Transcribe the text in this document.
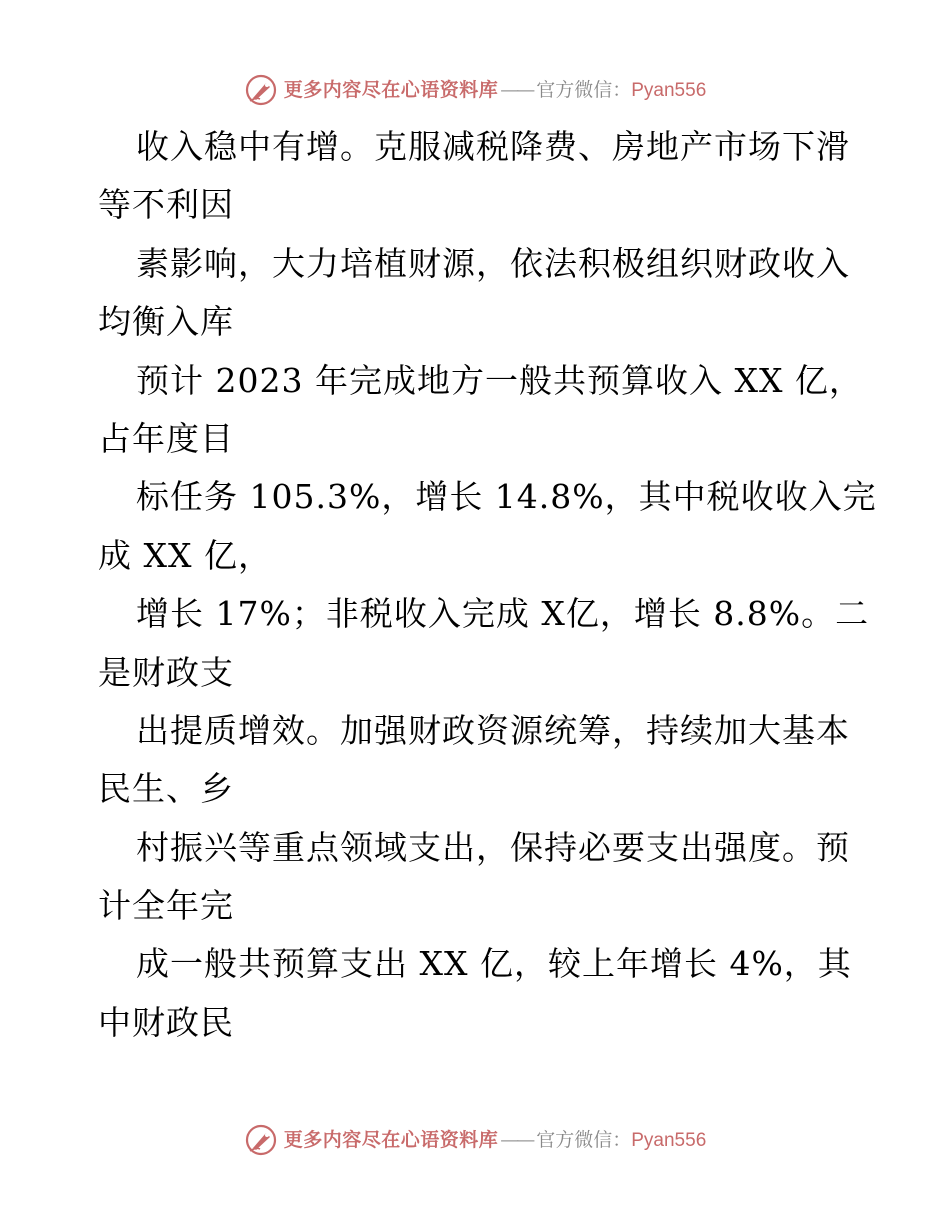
更多内容尽在心语资料库 —— 官方微信： Pyan556
收入稳中有增。克服减税降费、房地产市场下滑
等不利因
素影响，大力培植财源，依法积极组织财政收入
均衡入库
预计 2023 年完成地方一般共预算收入 XX 亿，
占年度目
标任务 105.3%，增长 14.8%，其中税收收入完
成 XX 亿，
增长 17%；非税收入完成 X亿，增长 8.8%。二
是财政支
出提质增效。加强财政资源统筹，持续加大基本
民生、乡
村振兴等重点领域支出，保持必要支出强度。预
计全年完
成一般共预算支出 XX 亿，较上年增长 4%，其
中财政民
更多内容尽在心语资料库 —— 官方微信： Pyan556
